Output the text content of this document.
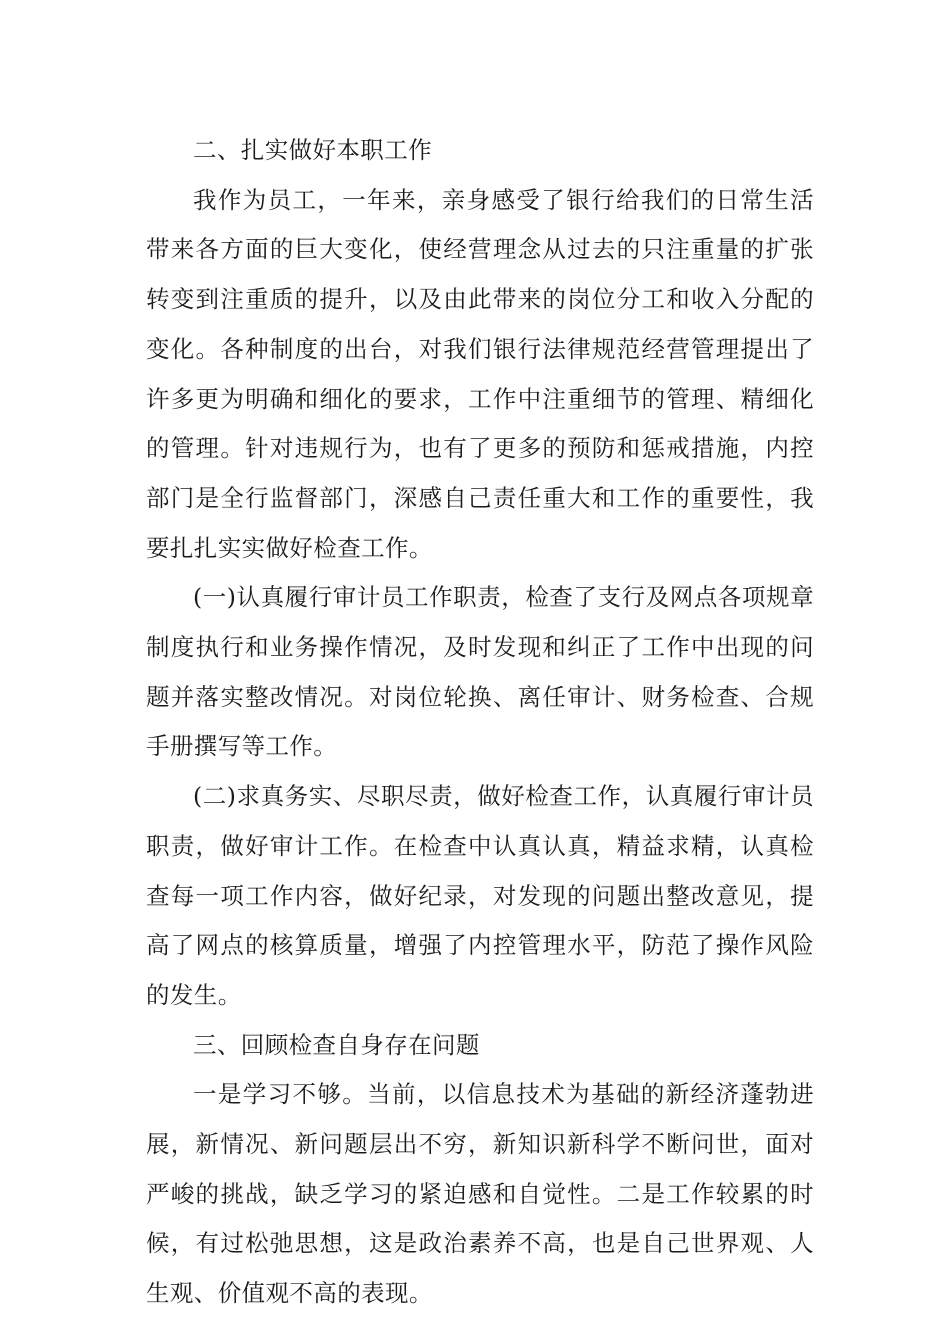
二、扎实做好本职工作

我作为员工，一年来，亲身感受了银行给我们的日常生活带来各方面的巨大变化，使经营理念从过去的只注重量的扩张转变到注重质的提升，以及由此带来的岗位分工和收入分配的变化。各种制度的出台，对我们银行法律规范经营管理提出了许多更为明确和细化的要求，工作中注重细节的管理、精细化的管理。针对违规行为，也有了更多的预防和惩戒措施，内控部门是全行监督部门，深感自己责任重大和工作的重要性，我要扎扎实实做好检查工作。

(一)认真履行审计员工作职责，检查了支行及网点各项规章制度执行和业务操作情况，及时发现和纠正了工作中出现的问题并落实整改情况。对岗位轮换、离任审计、财务检查、合规手册撰写等工作。

(二)求真务实、尽职尽责，做好检查工作，认真履行审计员职责，做好审计工作。在检查中认真认真，精益求精，认真检查每一项工作内容，做好纪录，对发现的问题出整改意见，提高了网点的核算质量，增强了内控管理水平，防范了操作风险的发生。

三、回顾检查自身存在问题

一是学习不够。当前，以信息技术为基础的新经济蓬勃进展，新情况、新问题层出不穷，新知识新科学不断问世，面对严峻的挑战，缺乏学习的紧迫感和自觉性。二是工作较累的时候，有过松弛思想，这是政治素养不高，也是自己世界观、人生观、价值观不高的表现。
